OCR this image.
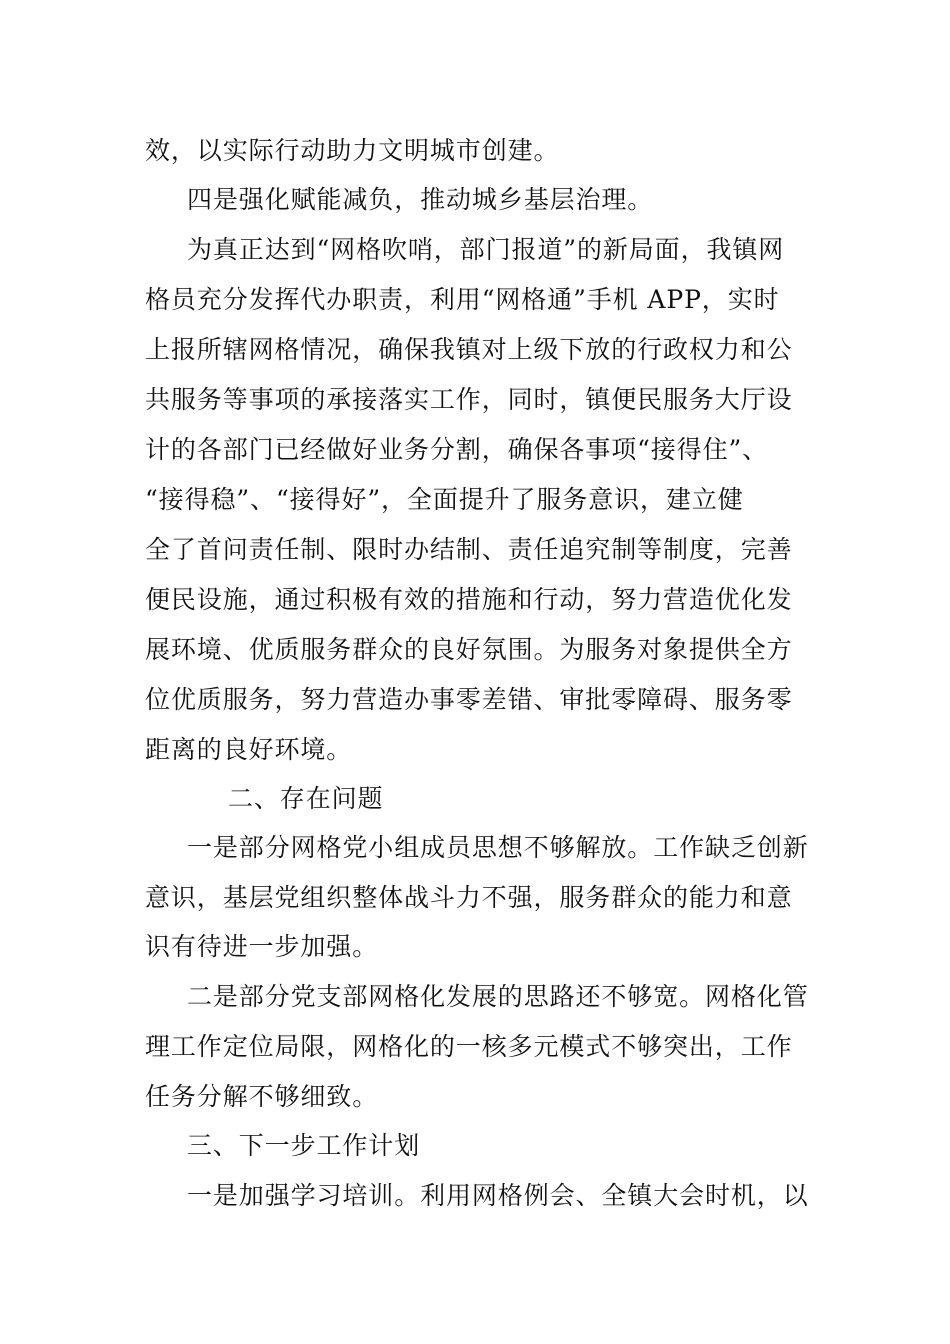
效，以实际行动助力文明城市创建。
四是强化赋能减负，推动城乡基层治理。
为真正达到“网格吹哨，部门报道”的新局面，我镇网
格员充分发挥代办职责，利用“网格通”手机 APP，实时
上报所辖网格情况，确保我镇对上级下放的行政权力和公
共服务等事项的承接落实工作，同时，镇便民服务大厅设
计的各部门已经做好业务分割，确保各事项“接得住”、
“接得稳”、“接得好”，全面提升了服务意识，建立健
全了首问责任制、限时办结制、责任追究制等制度，完善
便民设施，通过积极有效的措施和行动，努力营造优化发
展环境、优质服务群众的良好氛围。为服务对象提供全方
位优质服务，努力营造办事零差错、审批零障碍、服务零
距离的良好环境。
二、存在问题
一是部分网格党小组成员思想不够解放。工作缺乏创新
意识，基层党组织整体战斗力不强，服务群众的能力和意
识有待进一步加强。
二是部分党支部网格化发展的思路还不够宽。网格化管
理工作定位局限，网格化的一核多元模式不够突出，工作
任务分解不够细致。
三、下一步工作计划
一是加强学习培训。利用网格例会、全镇大会时机，以
